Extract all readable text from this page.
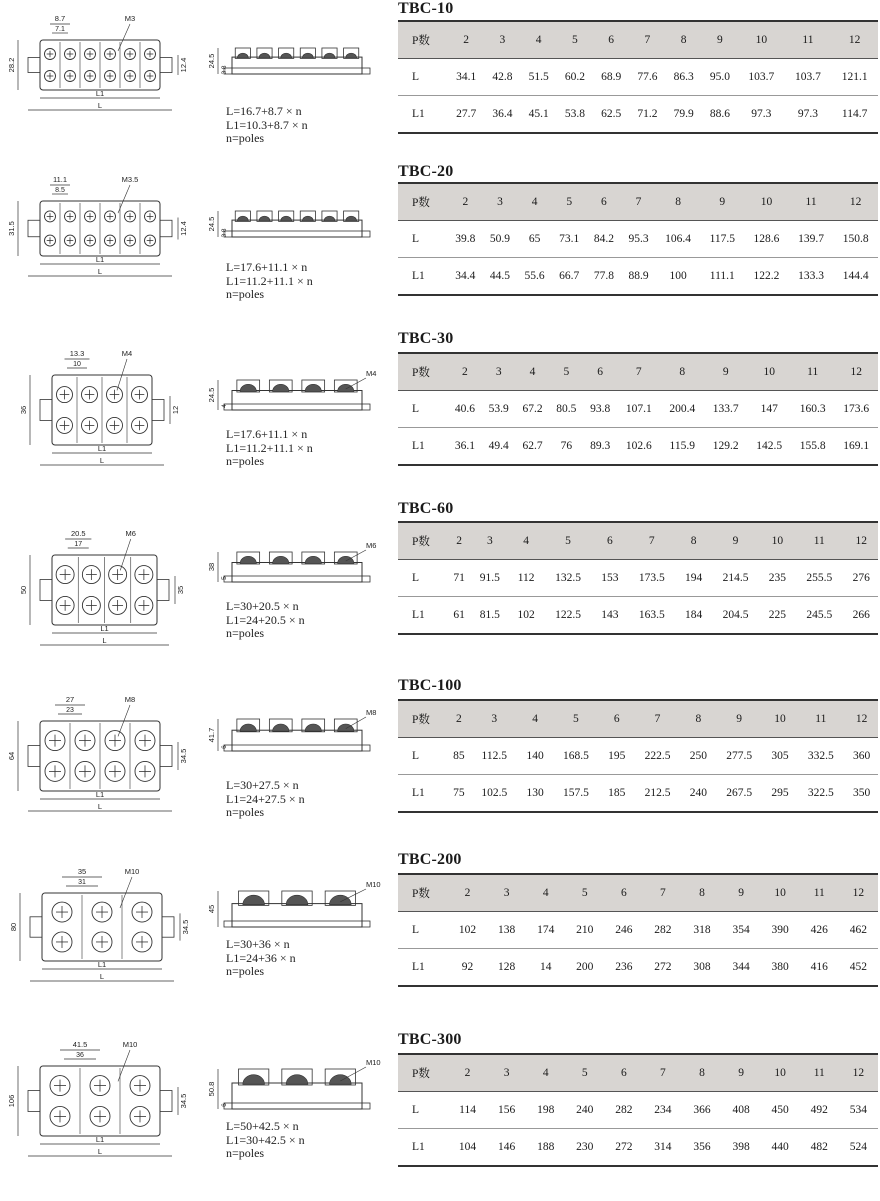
8.7
7.1
M3
28.2	12.4
L1
L
24.5
3.8
L=16.7+8.7 × n
L1=10.3+8.7 × n
n=poles
TBC-10
P数	2	3	4	5	6	7	8	9	10	11	12
L	34.1	42.8	51.5	60.2	68.9	77.6	86.3	95.0	103.7	103.7	121.1
L1	27.7	36.4	45.1	53.8	62.5	71.2	79.9	88.6	97.3	97.3	114.7
11.1
8.5
M3.5
31.5	12.4
L1
L
24.5
3.8
L=17.6+11.1 × n
L1=11.2+11.1 × n
n=poles
TBC-20
P数	2	3	4	5	6	7	8	9	10	11	12
L	39.8	50.9	65	73.1	84.2	95.3	106.4	117.5	128.6	139.7	150.8
L1	34.4	44.5	55.6	66.7	77.8	88.9	100	111.1	122.2	133.3	144.4
13.3
10
M4
36	12
L1
L
24.5
4
M4
L=17.6+11.1 × n
L1=11.2+11.1 × n
n=poles
TBC-30
P数	2	3	4	5	6	7	8	9	10	11	12
L	40.6	53.9	67.2	80.5	93.8	107.1	200.4	133.7	147	160.3	173.6
L1	36.1	49.4	62.7	76	89.3	102.6	115.9	129.2	142.5	155.8	169.1
20.5
17
M6
50	35
L1
L
38
5
M6
L=30+20.5 × n
L1=24+20.5 × n
n=poles
TBC-60
P数	2	3	4	5	6	7	8	9	10	11	12
L	71	91.5	112	132.5	153	173.5	194	214.5	235	255.5	276
L1	61	81.5	102	122.5	143	163.5	184	204.5	225	245.5	266
27
23
M8
64	34.5
L1
L
41.7
6
M8
L=30+27.5 × n
L1=24+27.5 × n
n=poles
TBC-100
P数	2	3	4	5	6	7	8	9	10	11	12
L	85	112.5	140	168.5	195	222.5	250	277.5	305	332.5	360
L1	75	102.5	130	157.5	185	212.5	240	267.5	295	322.5	350
35
31
M10
80	34.5
L1
L
45
M10
L=30+36 × n
L1=24+36 × n
n=poles
TBC-200
P数	2	3	4	5	6	7	8	9	10	11	12
L	102	138	174	210	246	282	318	354	390	426	462
L1	92	128	14	200	236	272	308	344	380	416	452
41.5
36
M10
106	34.5
L1
L
50.8
6
M10
L=50+42.5 × n
L1=30+42.5 × n
n=poles
TBC-300
P数	2	3	4	5	6	7	8	9	10	11	12
L	114	156	198	240	282	234	366	408	450	492	534
L1	104	146	188	230	272	314	356	398	440	482	524
